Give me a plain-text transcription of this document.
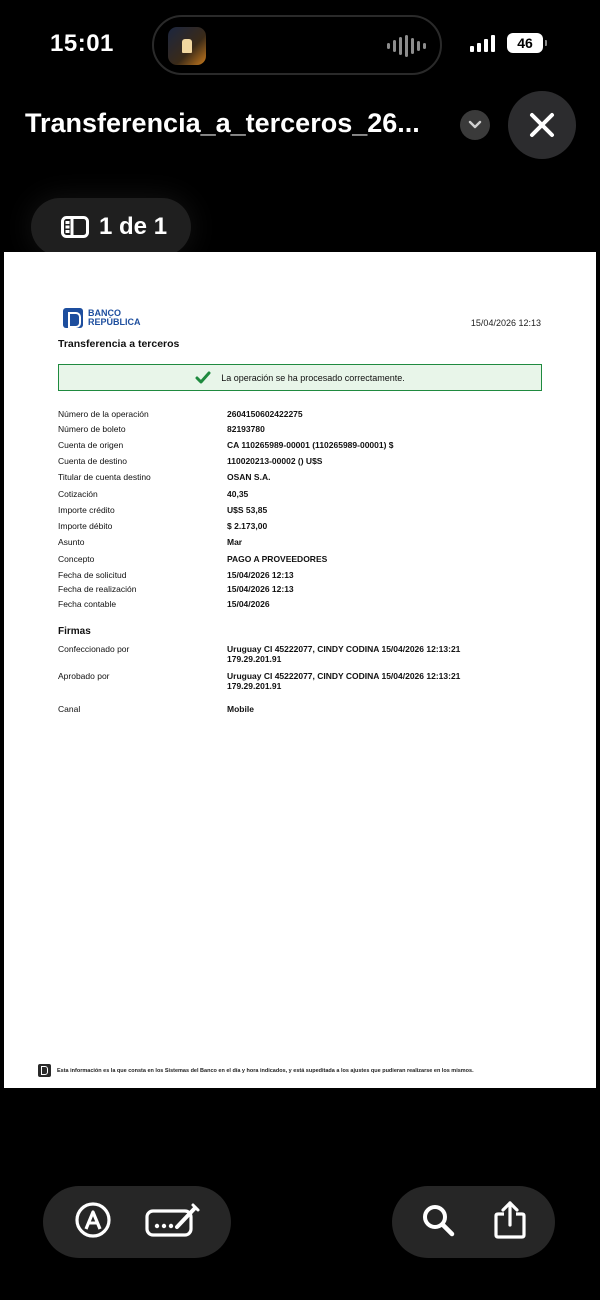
15:01	46
Transferencia_a_terceros_26...
1 de 1
BANCO
REPÚBLICA	15/04/2026 12:13
Transferencia a terceros
La operación se ha procesado correctamente.
Número de la operación	2604150602422275
Número de boleto	82193780
Cuenta de origen	CA 110265989-00001 (110265989-00001) $
Cuenta de destino	110020213-00002 () U$S
Titular de cuenta destino	OSAN S.A.
Cotización	40,35
Importe crédito	U$S 53,85
Importe débito	$ 2.173,00
Asunto	Mar
Concepto	PAGO A PROVEEDORES
Fecha de solicitud	15/04/2026 12:13
Fecha de realización	15/04/2026 12:13
Fecha contable	15/04/2026
Firmas
Confeccionado por	Uruguay CI 45222077, CINDY CODINA 15/04/2026 12:13:21
179.29.201.91
Aprobado por	Uruguay CI 45222077, CINDY CODINA 15/04/2026 12:13:21
179.29.201.91
Canal	Mobile
Esta información es la que consta en los Sistemas del Banco en el día y hora indicados, y está supeditada a los ajustes que pudieran realizarse en los mismos.
